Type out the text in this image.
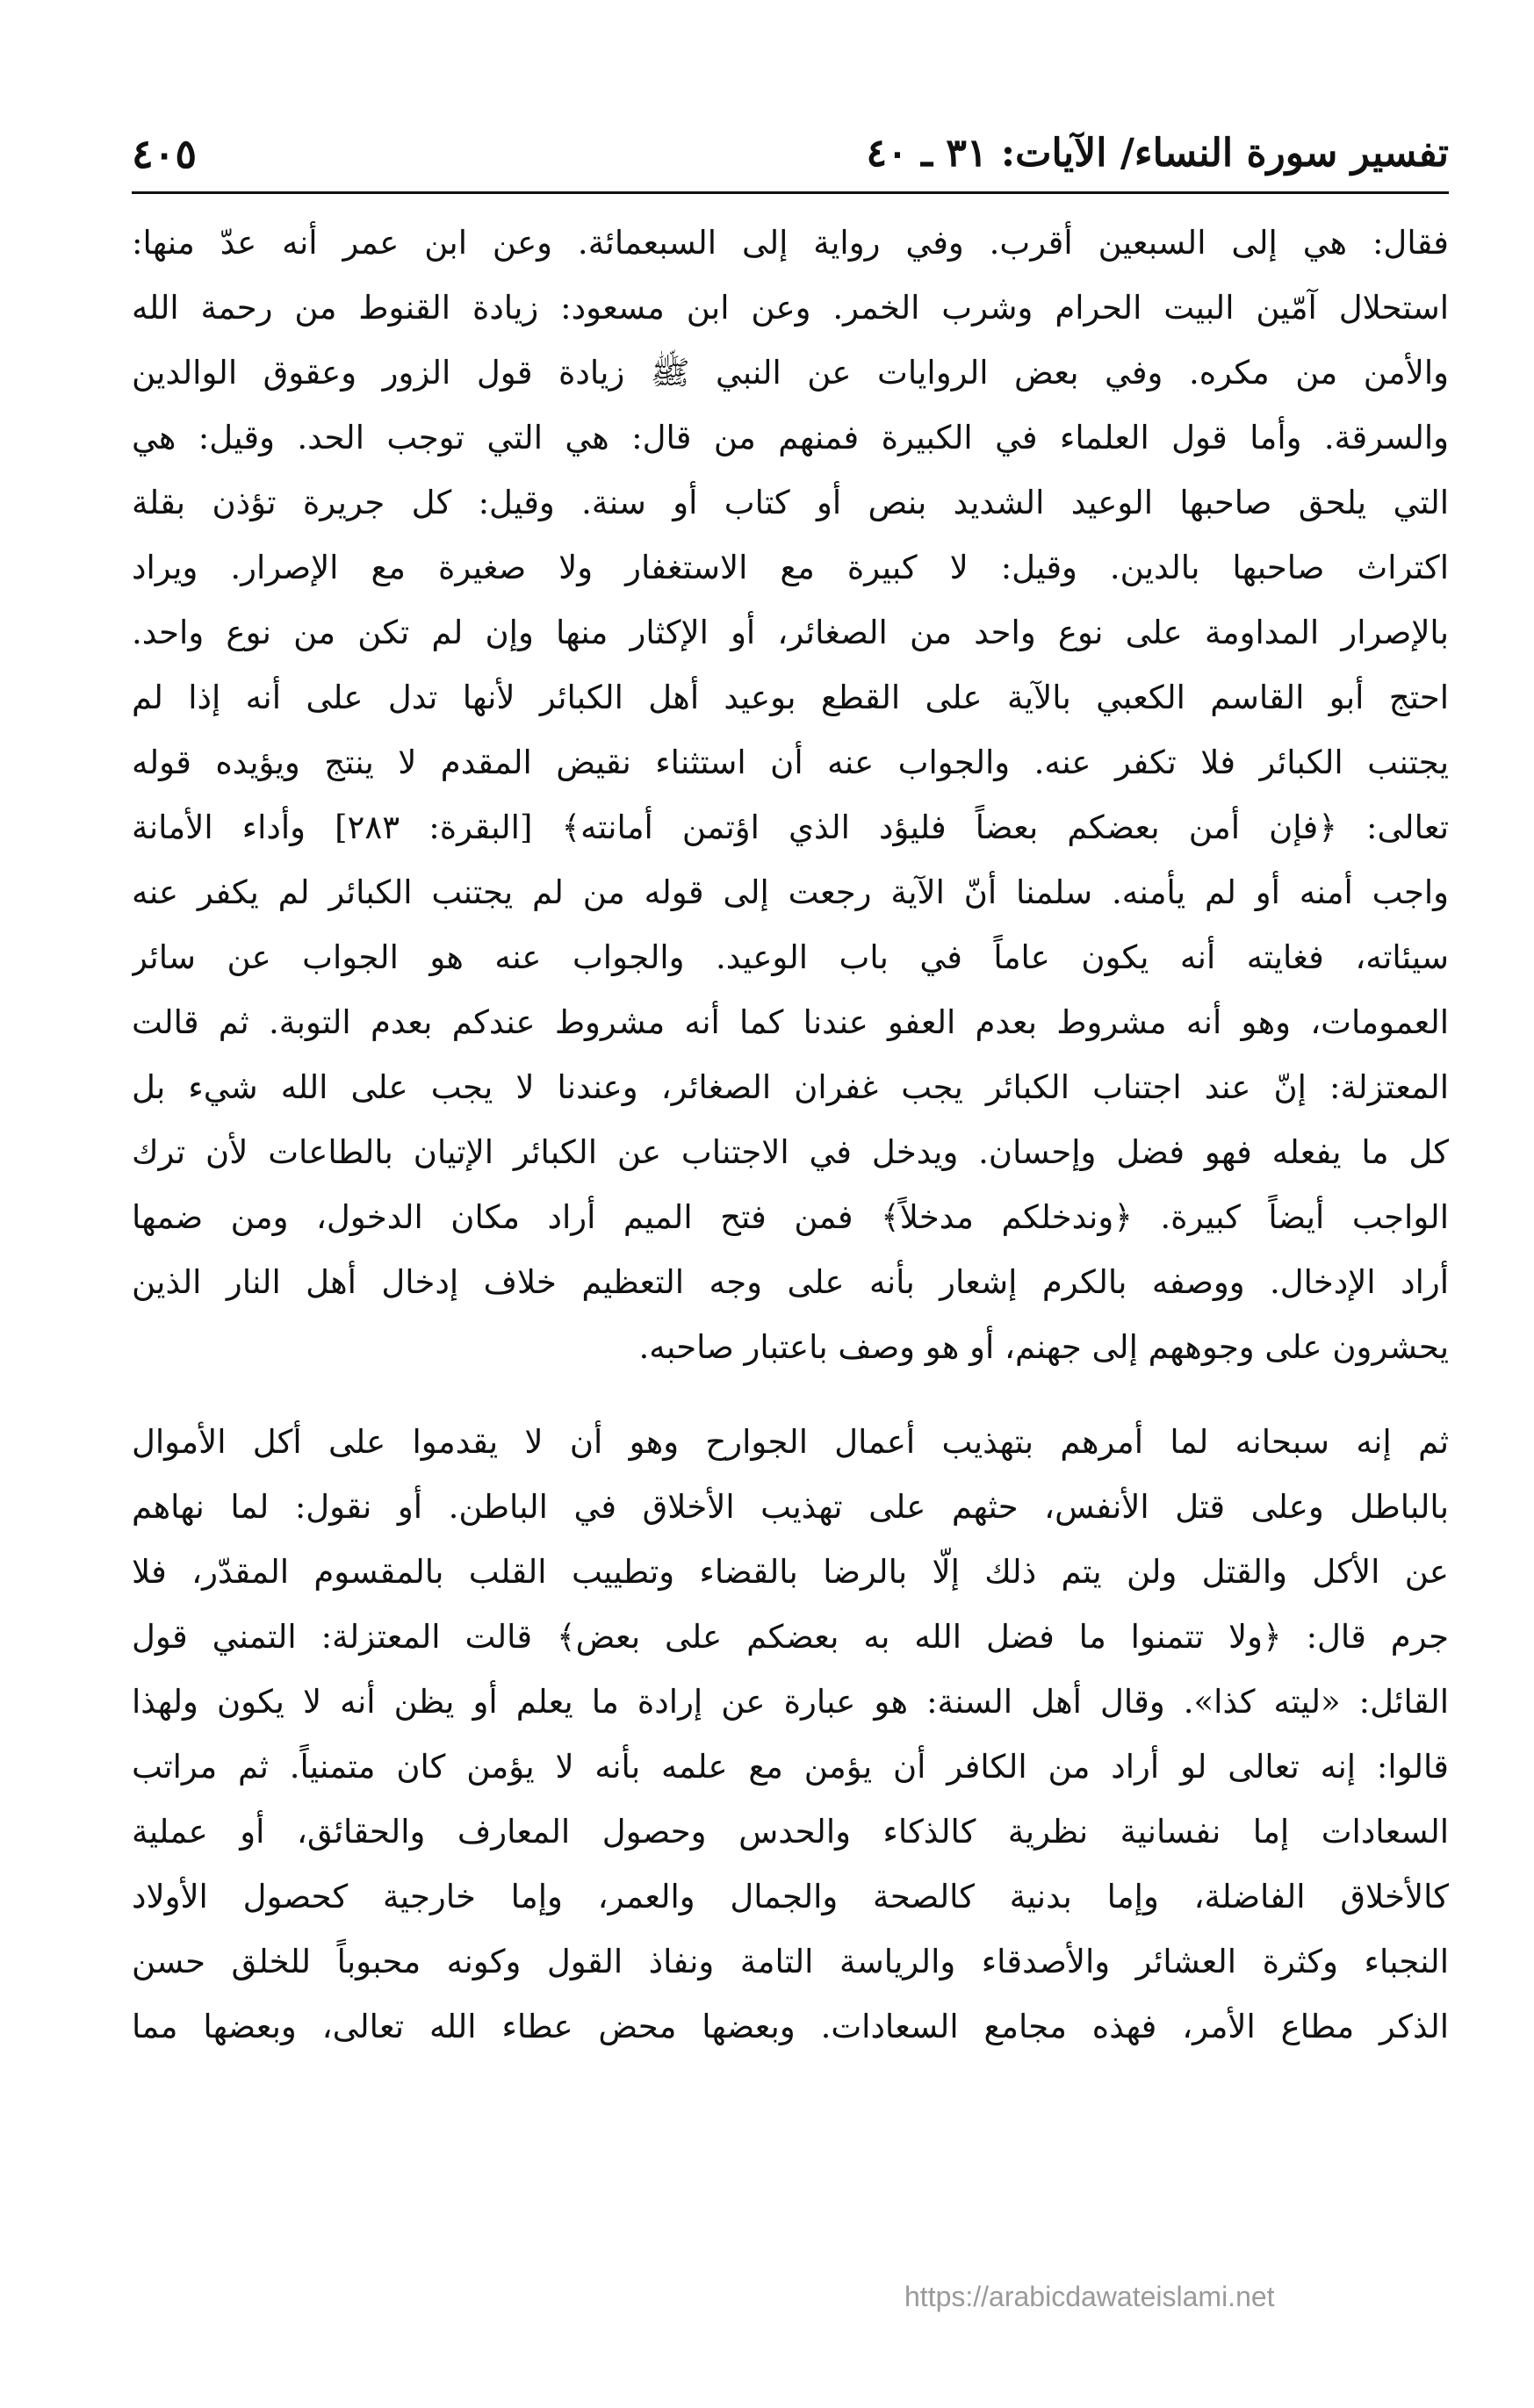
تفسير سورة النساء/ الآيات: ٣١ ـ ٤٠
٤٠٥
فقال: هي إلى السبعين أقرب. وفي رواية إلى السبعمائة. وعن ابن عمر أنه عدّ منها:
استحلال آمّين البيت الحرام وشرب الخمر. وعن ابن مسعود: زيادة القنوط من رحمة الله
والأمن من مكره. وفي بعض الروايات عن النبي ﷺ زيادة قول الزور وعقوق الوالدين
والسرقة. وأما قول العلماء في الكبيرة فمنهم من قال: هي التي توجب الحد. وقيل: هي
التي يلحق صاحبها الوعيد الشديد بنص أو كتاب أو سنة. وقيل: كل جريرة تؤذن بقلة
اكتراث صاحبها بالدين. وقيل: لا كبيرة مع الاستغفار ولا صغيرة مع الإصرار. ويراد
بالإصرار المداومة على نوع واحد من الصغائر، أو الإكثار منها وإن لم تكن من نوع واحد.
احتج أبو القاسم الكعبي بالآية على القطع بوعيد أهل الكبائر لأنها تدل على أنه إذا لم
يجتنب الكبائر فلا تكفر عنه. والجواب عنه أن استثناء نقيض المقدم لا ينتج ويؤيده قوله
تعالى: ﴿فإن أمن بعضكم بعضاً فليؤد الذي اؤتمن أمانته﴾ [البقرة: ٢٨٣] وأداء الأمانة
واجب أمنه أو لم يأمنه. سلمنا أنّ الآية رجعت إلى قوله من لم يجتنب الكبائر لم يكفر عنه
سيئاته، فغايته أنه يكون عاماً في باب الوعيد. والجواب عنه هو الجواب عن سائر
العمومات، وهو أنه مشروط بعدم العفو عندنا كما أنه مشروط عندكم بعدم التوبة. ثم قالت
المعتزلة: إنّ عند اجتناب الكبائر يجب غفران الصغائر، وعندنا لا يجب على الله شيء بل
كل ما يفعله فهو فضل وإحسان. ويدخل في الاجتناب عن الكبائر الإتيان بالطاعات لأن ترك
الواجب أيضاً كبيرة. ﴿وندخلكم مدخلاً﴾ فمن فتح الميم أراد مكان الدخول، ومن ضمها
أراد الإدخال. ووصفه بالكرم إشعار بأنه على وجه التعظيم خلاف إدخال أهل النار الذين
يحشرون على وجوههم إلى جهنم، أو هو وصف باعتبار صاحبه.
ثم إنه سبحانه لما أمرهم بتهذيب أعمال الجوارح وهو أن لا يقدموا على أكل الأموال
بالباطل وعلى قتل الأنفس، حثهم على تهذيب الأخلاق في الباطن. أو نقول: لما نهاهم
عن الأكل والقتل ولن يتم ذلك إلّا بالرضا بالقضاء وتطييب القلب بالمقسوم المقدّر، فلا
جرم قال: ﴿ولا تتمنوا ما فضل الله به بعضكم على بعض﴾ قالت المعتزلة: التمني قول
القائل: «ليته كذا». وقال أهل السنة: هو عبارة عن إرادة ما يعلم أو يظن أنه لا يكون ولهذا
قالوا: إنه تعالى لو أراد من الكافر أن يؤمن مع علمه بأنه لا يؤمن كان متمنياً. ثم مراتب
السعادات إما نفسانية نظرية كالذكاء والحدس وحصول المعارف والحقائق، أو عملية
كالأخلاق الفاضلة، وإما بدنية كالصحة والجمال والعمر، وإما خارجية كحصول الأولاد
النجباء وكثرة العشائر والأصدقاء والرياسة التامة ونفاذ القول وكونه محبوباً للخلق حسن
الذكر مطاع الأمر، فهذه مجامع السعادات. وبعضها محض عطاء الله تعالى، وبعضها مما
https://arabicdawateislami.net
